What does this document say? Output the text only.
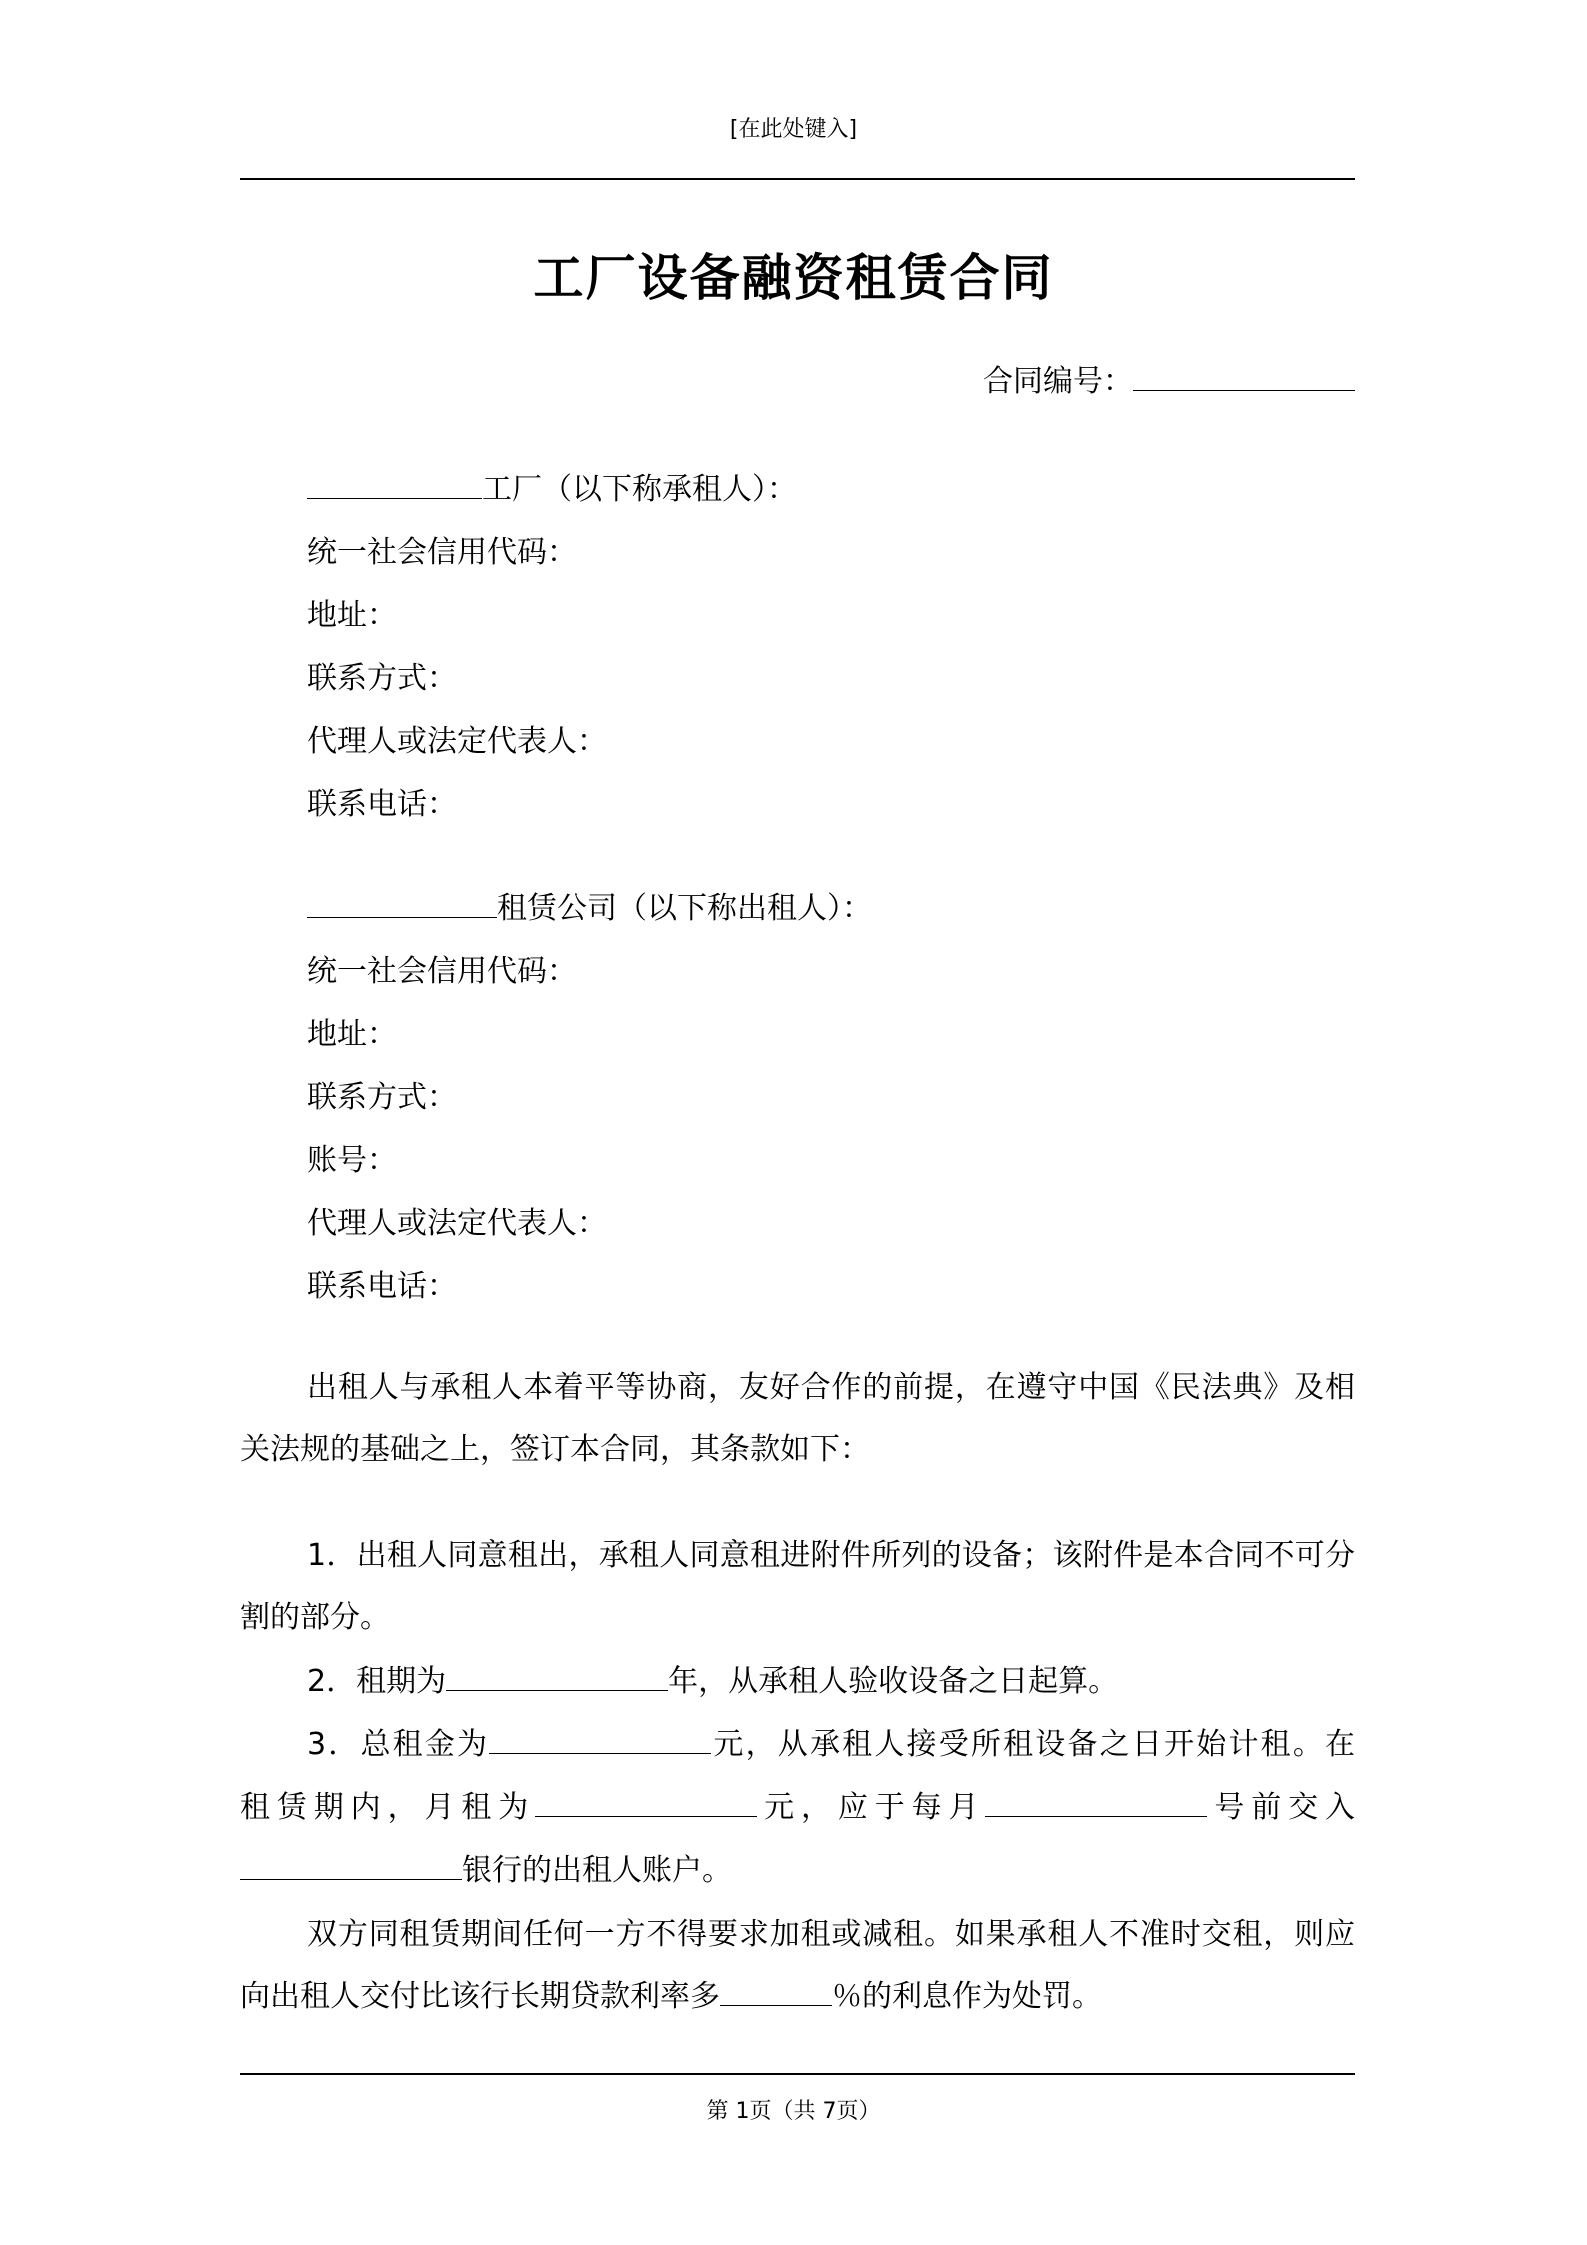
[在此处键入]
工厂设备融资租赁合同
合同编号：
工厂（以下称承租人）：
统一社会信用代码：
地址：
联系方式：
代理人或法定代表人：
联系电话：
租赁公司（以下称出租人）：
统一社会信用代码：
地址：
联系方式：
账号：
代理人或法定代表人：
联系电话：
出租人与承租人本着平等协商，友好合作的前提，在遵守中国《民法典》及相关法规的基础之上，签订本合同，其条款如下：
1．出租人同意租出，承租人同意租进附件所列的设备；该附件是本合同不可分割的部分。
2．租期为	年，从承租人验收设备之日起算。
3．总租金为	元，从承租人接受所租设备之日开始计租。在
租赁期内，月租为	元，应于每月	号前交入
银行的出租人账户。
双方同租赁期间任何一方不得要求加租或减租。如果承租人不准时交租，则应向出租人交付比该行长期贷款利率多	％的利息作为处罚。
第 1页（共 7页）
